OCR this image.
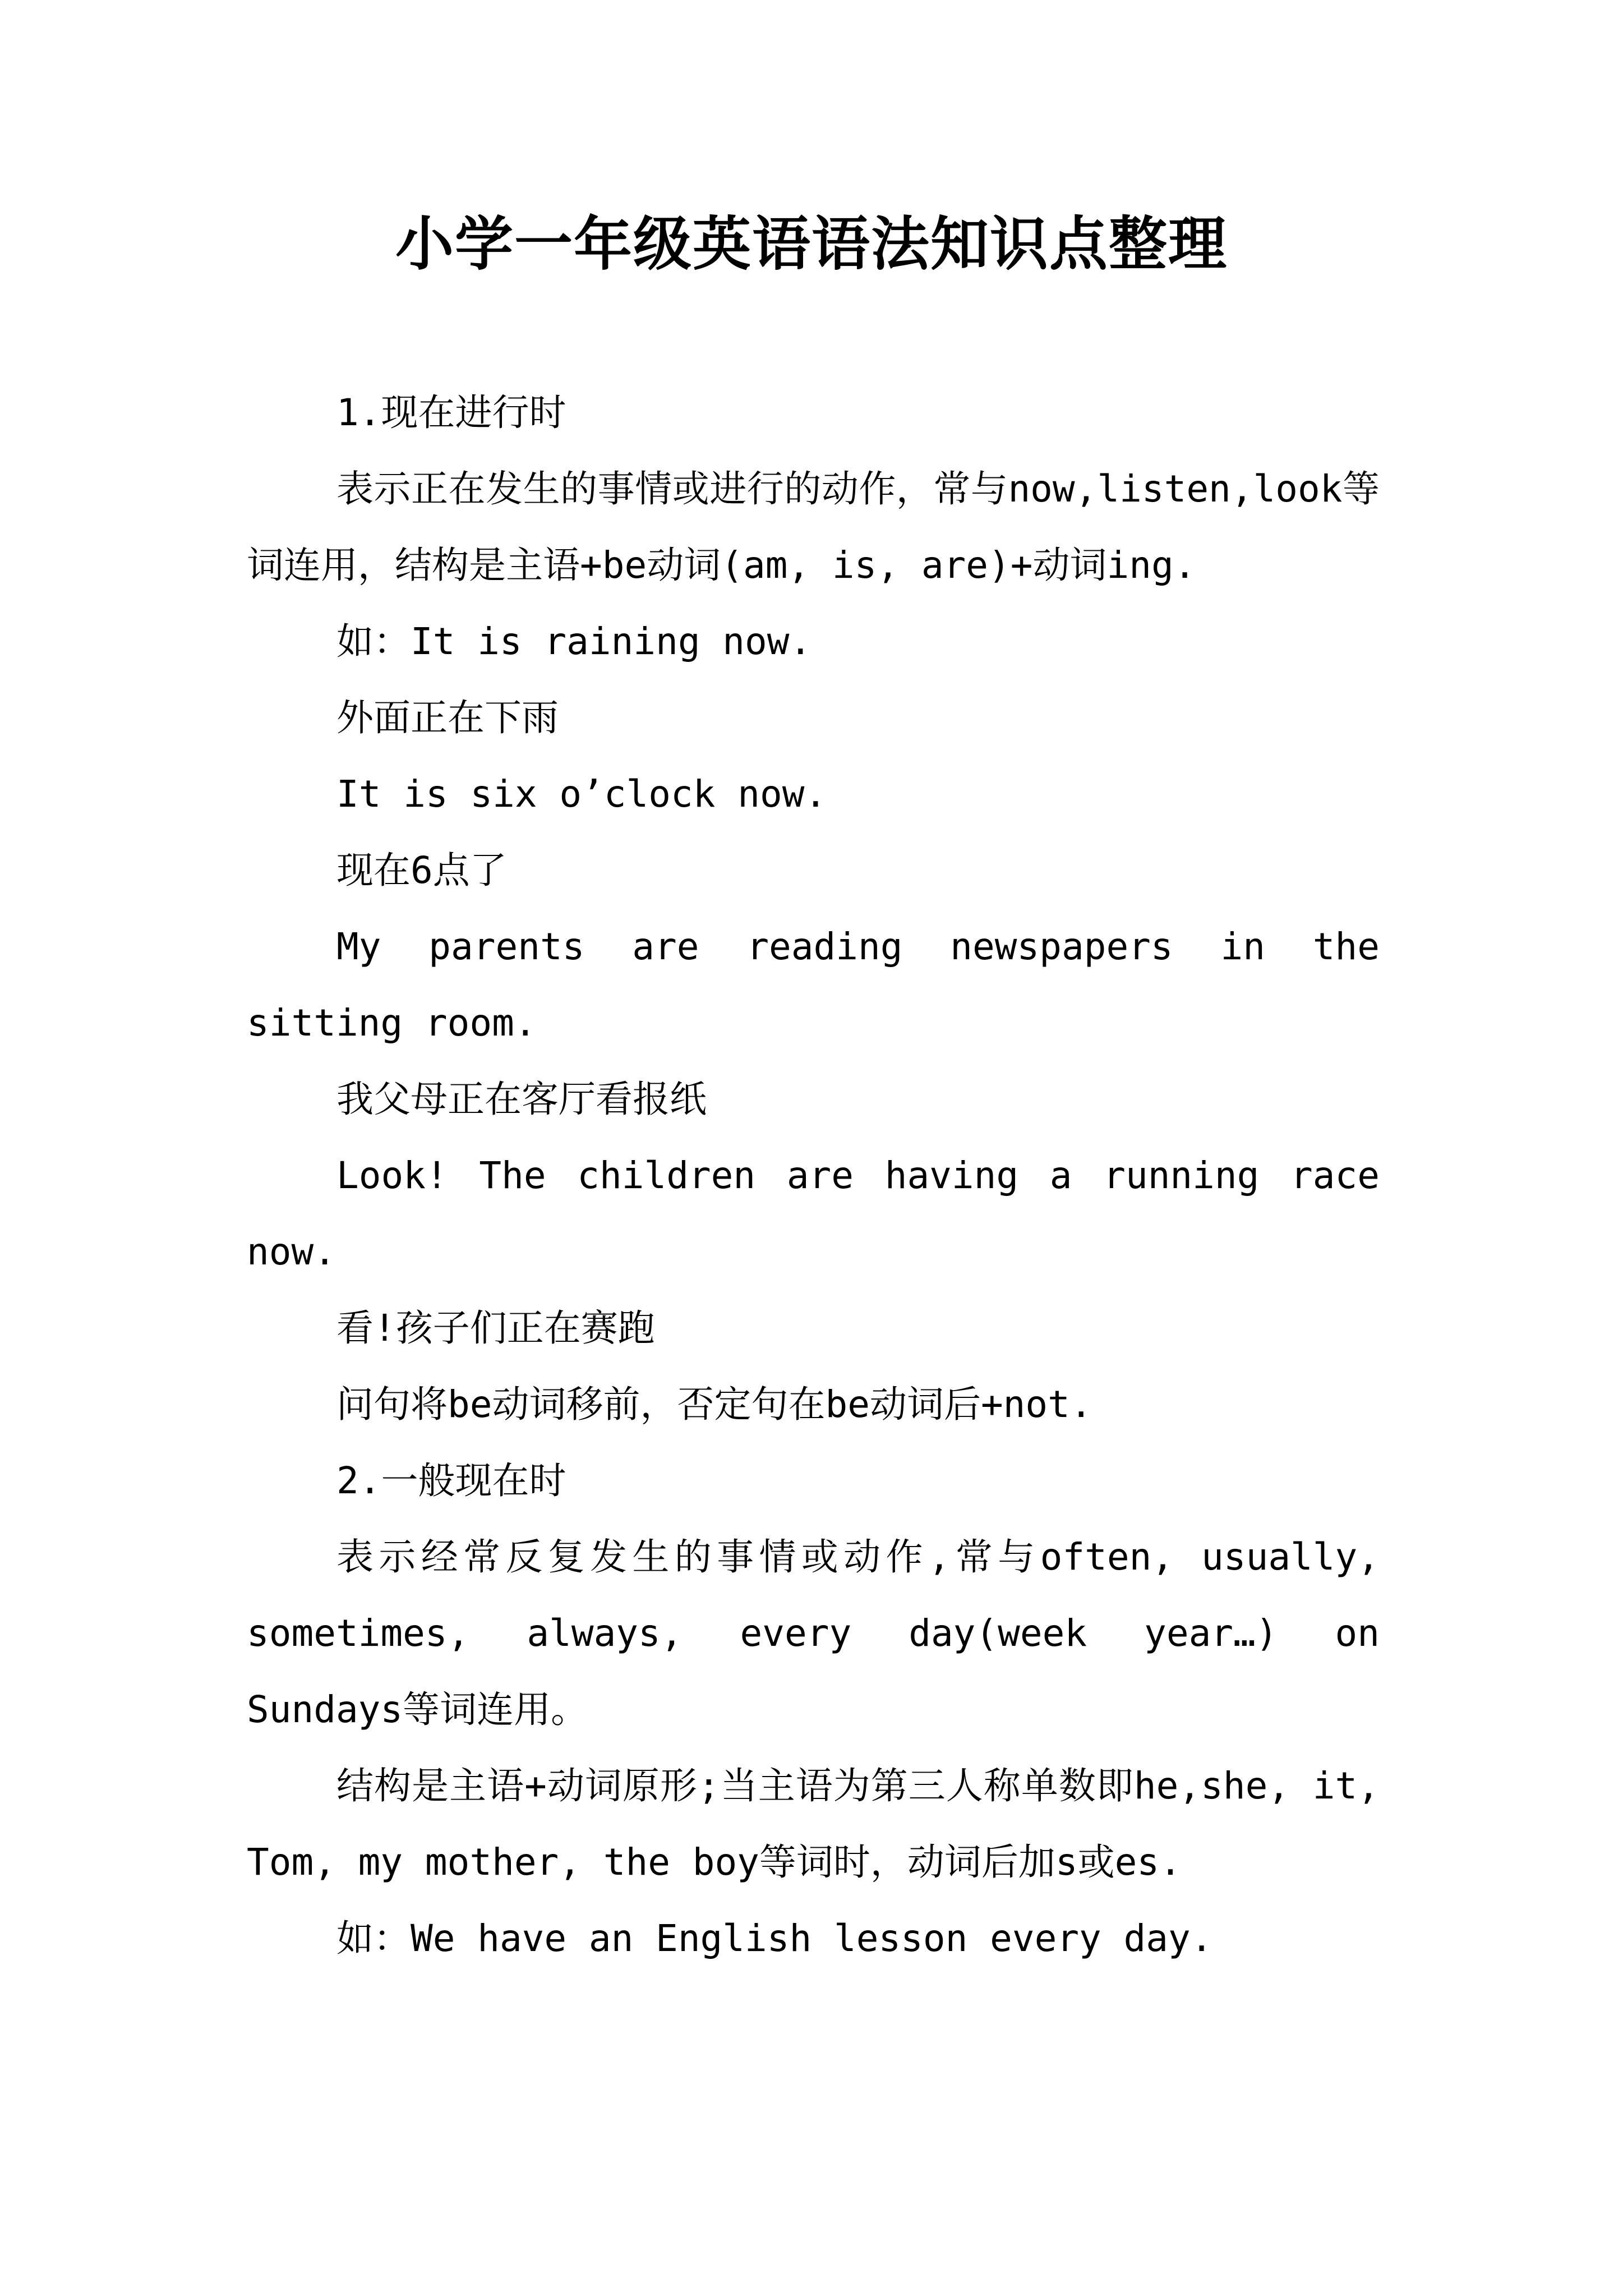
小学一年级英语语法知识点整理

1.现在进行时

表示正在发生的事情或进行的动作，常与now,listen,look等词连用，结构是主语+be动词(am, is, are)+动词ing.

如：It is raining now.

外面正在下雨

It is six o’clock now.

现在6点了

My parents are reading newspapers in the sitting room.

我父母正在客厅看报纸

Look! The children are having a running race now.

看!孩子们正在赛跑

问句将be动词移前，否定句在be动词后+not.

2.一般现在时

表示经常反复发生的事情或动作,常与often, usually, sometimes, always, every day(week year…) on Sundays等词连用。

结构是主语+动词原形;当主语为第三人称单数即he,she, it, Tom, my mother, the boy等词时，动词后加s或es.

如：We have an English lesson every day.
